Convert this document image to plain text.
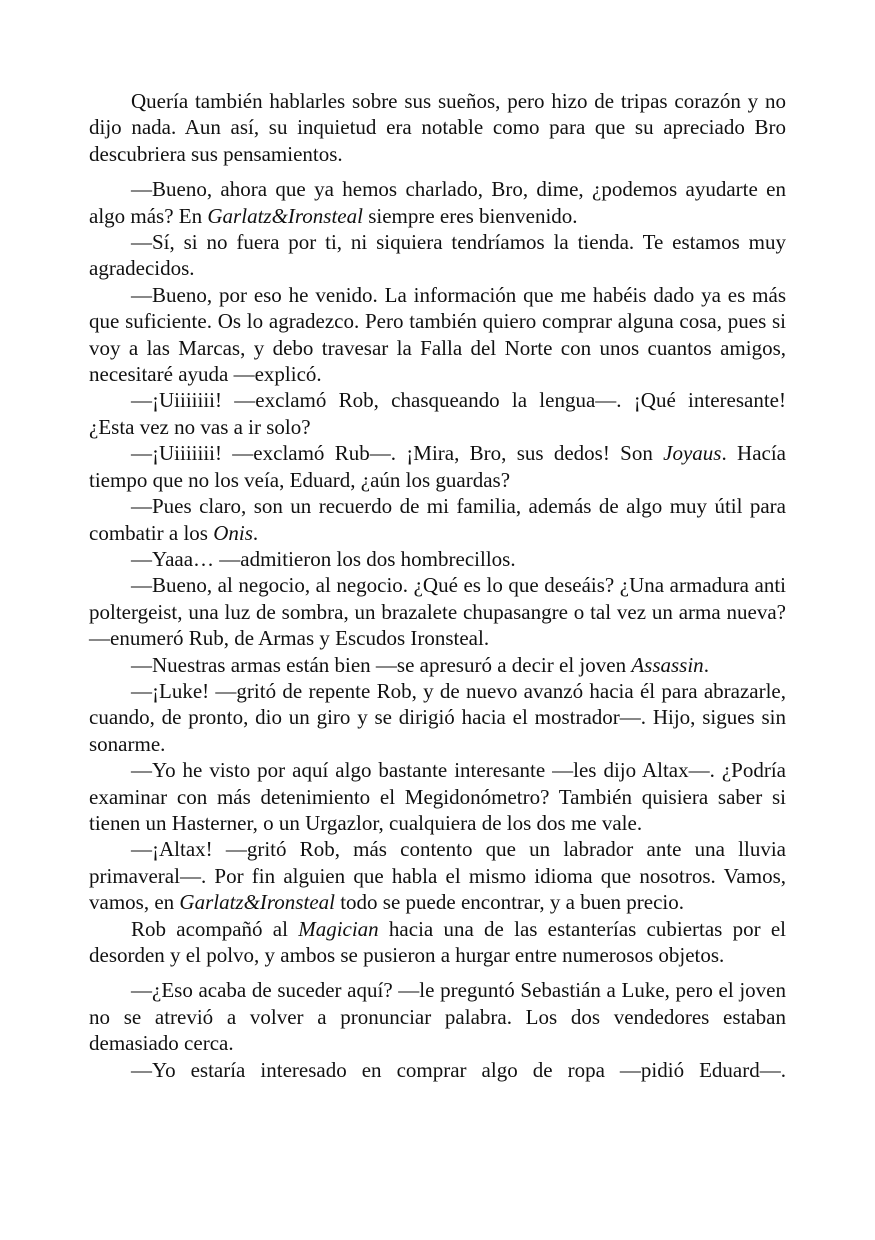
Quería también hablarles sobre sus sueños, pero hizo de tripas corazón y no dijo nada. Aun así, su inquietud era notable como para que su apreciado Bro descubriera sus pensamientos.

—Bueno, ahora que ya hemos charlado, Bro, dime, ¿podemos ayudarte en algo más? En Garlatz&Ironsteal siempre eres bienvenido.

—Sí, si no fuera por ti, ni siquiera tendríamos la tienda. Te estamos muy agradecidos.

—Bueno, por eso he venido. La información que me habéis dado ya es más que suficiente. Os lo agradezco. Pero también quiero comprar alguna cosa, pues si voy a las Marcas, y debo travesar la Falla del Norte con unos cuantos amigos, necesitaré ayuda —explicó.

—¡Uiiiiiii! —exclamó Rob, chasqueando la lengua—. ¡Qué interesante! ¿Esta vez no vas a ir solo?

—¡Uiiiiiii! —exclamó Rub—. ¡Mira, Bro, sus dedos! Son Joyaus. Hacía tiempo que no los veía, Eduard, ¿aún los guardas?

—Pues claro, son un recuerdo de mi familia, además de algo muy útil para combatir a los Onis.

—Yaaa… —admitieron los dos hombrecillos.

—Bueno, al negocio, al negocio. ¿Qué es lo que deseáis? ¿Una armadura anti poltergeist, una luz de sombra, un brazalete chupasangre o tal vez un arma nueva? —enumeró Rub, de Armas y Escudos Ironsteal.

—Nuestras armas están bien —se apresuró a decir el joven Assassin.

—¡Luke! —gritó de repente Rob, y de nuevo avanzó hacia él para abrazarle, cuando, de pronto, dio un giro y se dirigió hacia el mostrador—. Hijo, sigues sin sonarme.

—Yo he visto por aquí algo bastante interesante —les dijo Altax—. ¿Podría examinar con más detenimiento el Megidonómetro? También quisiera saber si tienen un Hasterner, o un Urgazlor, cualquiera de los dos me vale.

—¡Altax! —gritó Rob, más contento que un labrador ante una lluvia primaveral—. Por fin alguien que habla el mismo idioma que nosotros. Vamos, vamos, en Garlatz&Ironsteal todo se puede encontrar, y a buen precio.

Rob acompañó al Magician hacia una de las estanterías cubiertas por el desorden y el polvo, y ambos se pusieron a hurgar entre numerosos objetos.

—¿Eso acaba de suceder aquí? —le preguntó Sebastián a Luke, pero el joven no se atrevió a volver a pronunciar palabra. Los dos vendedores estaban demasiado cerca.

—Yo estaría interesado en comprar algo de ropa —pidió Eduard—.
